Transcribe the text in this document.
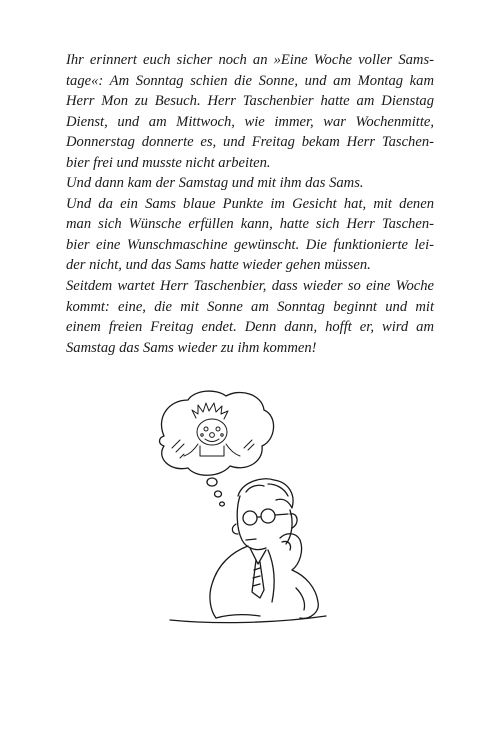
Ihr erinnert euch sicher noch an »Eine Woche voller Sams-
tage«: Am Sonntag schien die Sonne, und am Montag kam
Herr Mon zu Besuch. Herr Taschenbier hatte am Dienstag
Dienst, und am Mittwoch, wie immer, war Wochenmitte,
Donnerstag donnerte es, und Freitag bekam Herr Taschen-
bier frei und musste nicht arbeiten.
Und dann kam der Samstag und mit ihm das Sams.
Und da ein Sams blaue Punkte im Gesicht hat, mit denen
man sich Wünsche erfüllen kann, hatte sich Herr Taschen-
bier eine Wunschmaschine gewünscht. Die funktionierte lei-
der nicht, und das Sams hatte wieder gehen müssen.
Seitdem wartet Herr Taschenbier, dass wieder so eine Woche
kommt: eine, die mit Sonne am Sonntag beginnt und mit
einem freien Freitag endet. Denn dann, hofft er, wird am
Samstag das Sams wieder zu ihm kommen!
